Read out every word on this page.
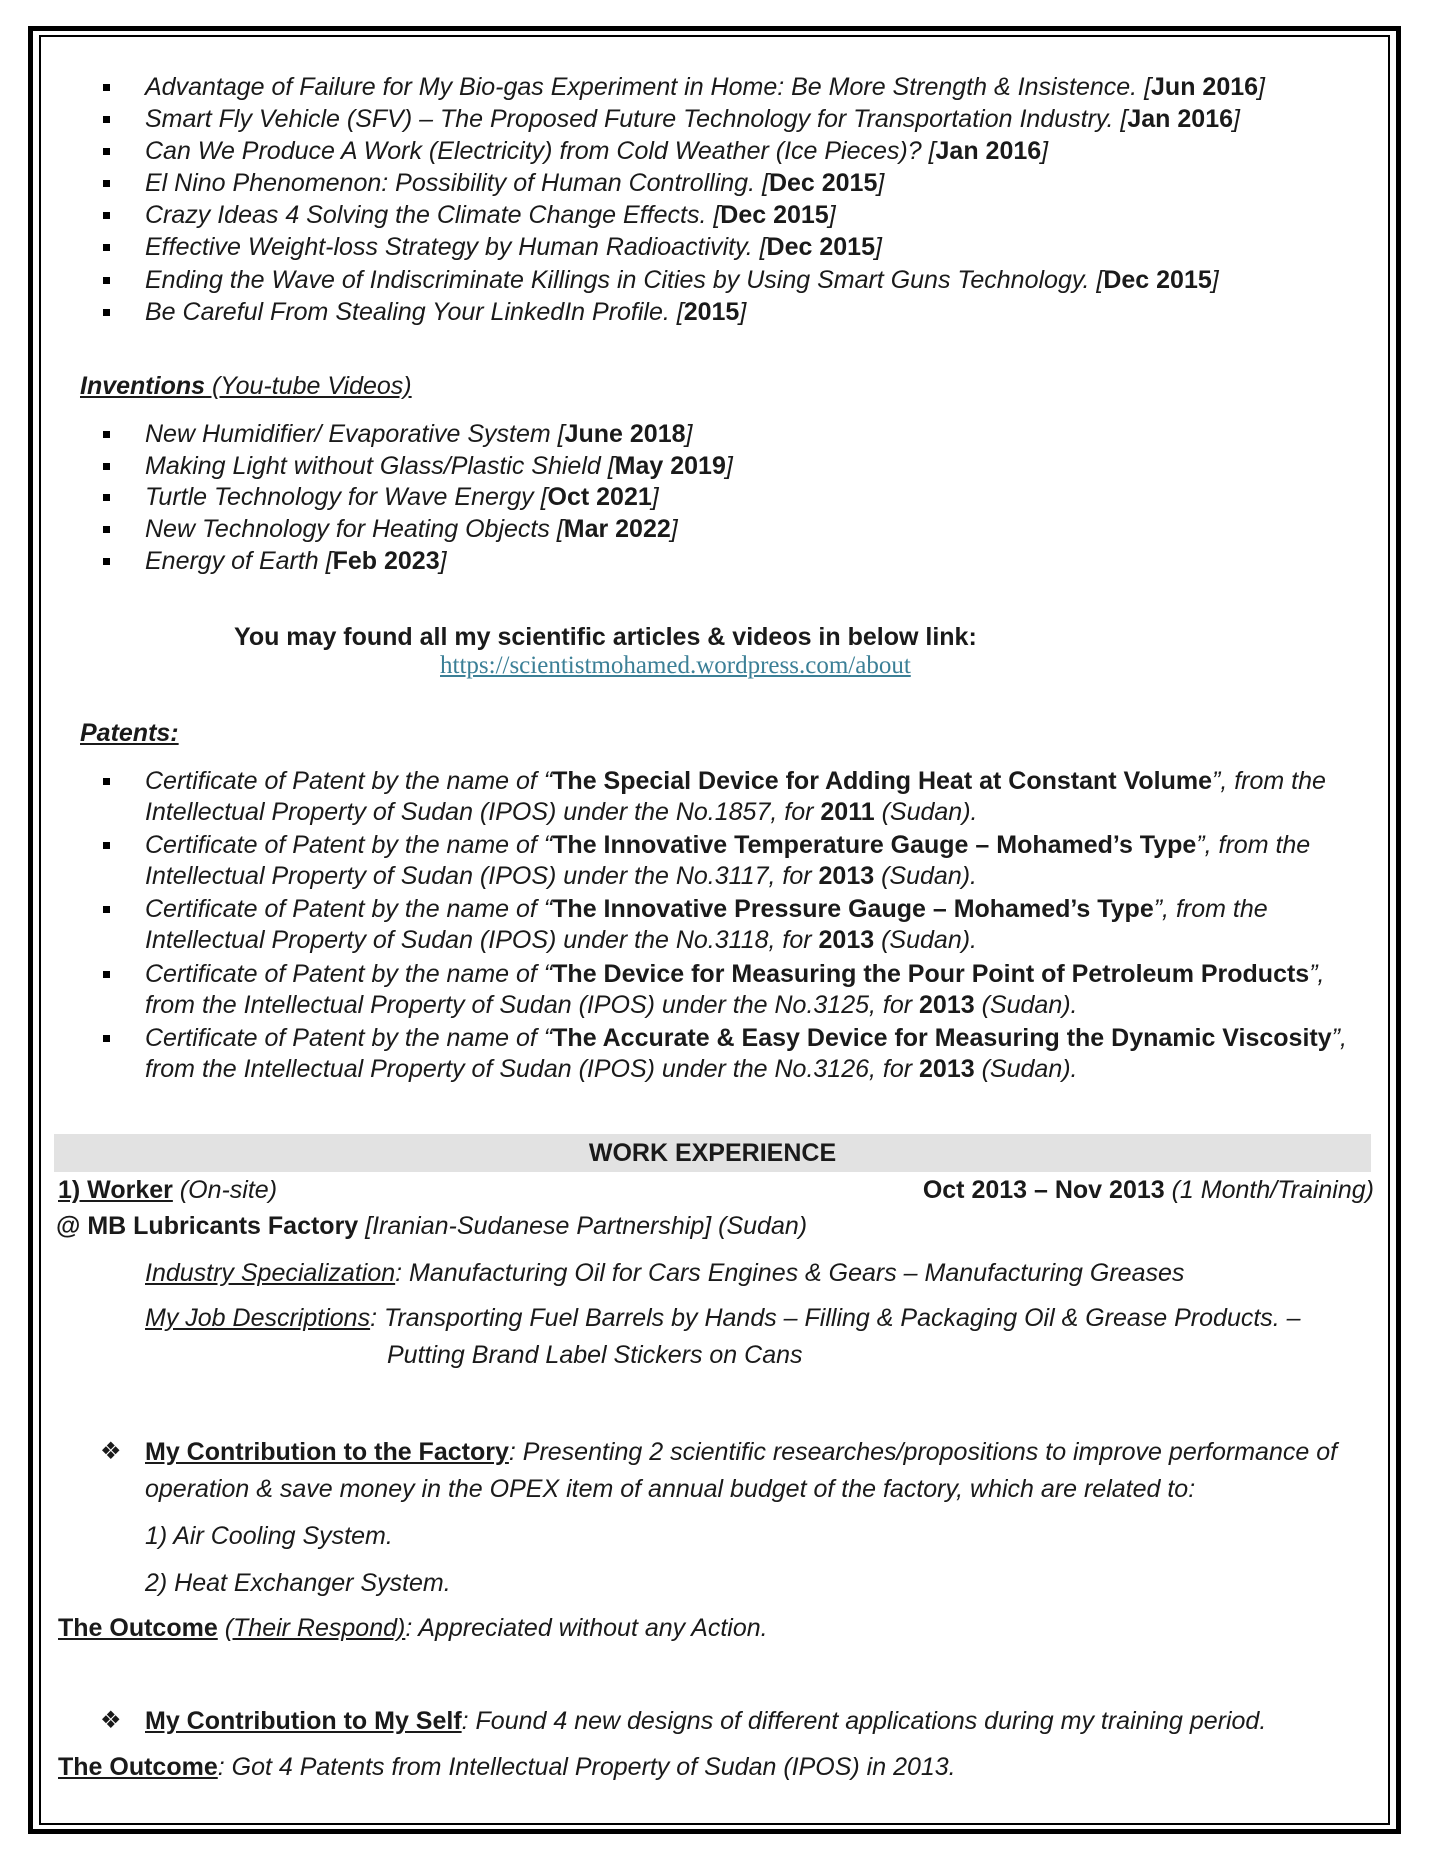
Advantage of Failure for My Bio-gas Experiment in Home: Be More Strength & Insistence. [Jun 2016]
Smart Fly Vehicle (SFV) – The Proposed Future Technology for Transportation Industry. [Jan 2016]
Can We Produce A Work (Electricity) from Cold Weather (Ice Pieces)? [Jan 2016]
El Nino Phenomenon: Possibility of Human Controlling. [Dec 2015]
Crazy Ideas 4 Solving the Climate Change Effects. [Dec 2015]
Effective Weight-loss Strategy by Human Radioactivity. [Dec 2015]
Ending the Wave of Indiscriminate Killings in Cities by Using Smart Guns Technology. [Dec 2015]
Be Careful From Stealing Your LinkedIn Profile. [2015]
Inventions (You-tube Videos)
New Humidifier/ Evaporative System [June 2018]
Making Light without Glass/Plastic Shield [May 2019]
Turtle Technology for Wave Energy [Oct 2021]
New Technology for Heating Objects [Mar 2022]
Energy of Earth [Feb 2023]
You may found all my scientific articles & videos in below link:
https://scientistmohamed.wordpress.com/about
Patents:
Certificate of Patent by the name of “The Special Device for Adding Heat at Constant Volume”, from the
Intellectual Property of Sudan (IPOS) under the No.1857, for 2011 (Sudan).
Certificate of Patent by the name of “The Innovative Temperature Gauge – Mohamed’s Type”, from the
Intellectual Property of Sudan (IPOS) under the No.3117, for 2013 (Sudan).
Certificate of Patent by the name of “The Innovative Pressure Gauge – Mohamed’s Type”, from the
Intellectual Property of Sudan (IPOS) under the No.3118, for 2013 (Sudan).
Certificate of Patent by the name of “The Device for Measuring the Pour Point of Petroleum Products”,
from the Intellectual Property of Sudan (IPOS) under the No.3125, for 2013 (Sudan).
Certificate of Patent by the name of “The Accurate & Easy Device for Measuring the Dynamic Viscosity”,
from the Intellectual Property of Sudan (IPOS) under the No.3126, for 2013 (Sudan).
WORK EXPERIENCE
1) Worker (On-site)	Oct 2013 – Nov 2013 (1 Month/Training)
@ MB Lubricants Factory [Iranian-Sudanese Partnership] (Sudan)
Industry Specialization: Manufacturing Oil for Cars Engines & Gears – Manufacturing Greases
My Job Descriptions: Transporting Fuel Barrels by Hands – Filling & Packaging Oil & Grease Products. –
Putting Brand Label Stickers on Cans
❖ My Contribution to the Factory: Presenting 2 scientific researches/propositions to improve performance of
operation & save money in the OPEX item of annual budget of the factory, which are related to:
1) Air Cooling System.
2) Heat Exchanger System.
The Outcome (Their Respond): Appreciated without any Action.
❖ My Contribution to My Self: Found 4 new designs of different applications during my training period.
The Outcome: Got 4 Patents from Intellectual Property of Sudan (IPOS) in 2013.
